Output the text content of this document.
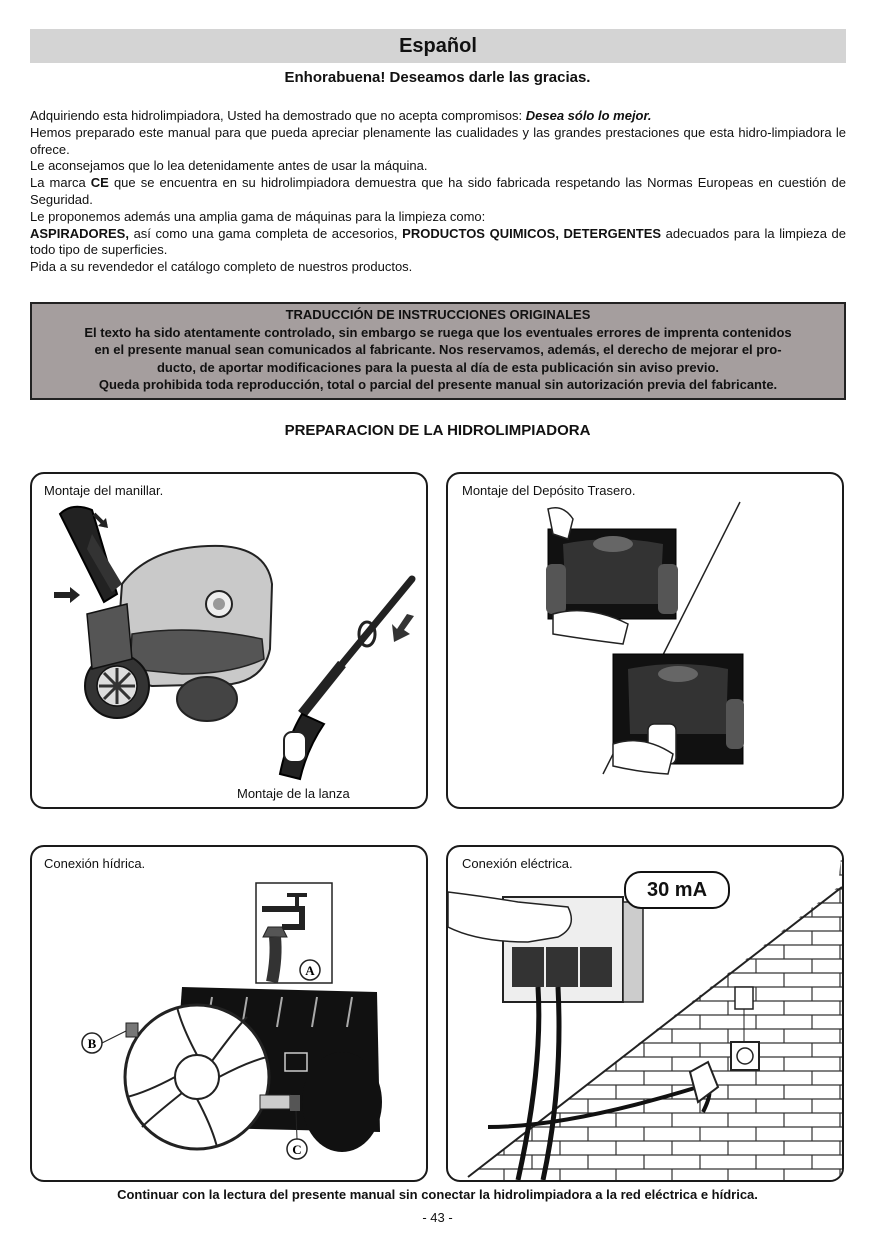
Español
Enhorabuena! Deseamos darle las gracias.

Adquiriendo esta hidrolimpiadora, Usted ha demostrado que no acepta compromisos: Desea sólo lo mejor.

Hemos preparado este manual para que pueda apreciar plenamente las cualidades y las grandes prestaciones que esta hidro-limpiadora le ofrece.

Le aconsejamos que lo lea detenidamente antes de usar la máquina.

La marca CE que se encuentra en su hidrolimpiadora demuestra que ha sido fabricada respetando las Normas Europeas en cuestión de Seguridad.

Le proponemos además una amplia gama de máquinas para la limpieza como:

ASPIRADORES, así como una gama completa de accesorios, PRODUCTOS QUIMICOS, DETERGENTES adecuados para la limpieza de todo tipo de superficies.

Pida a su revendedor el catálogo completo de nuestros productos.

TRADUCCIÓN DE INSTRUCCIONES ORIGINALES
El texto ha sido atentamente controlado, sin embargo se ruega que los eventuales errores de imprenta contenidos
en el presente manual sean comunicados al fabricante. Nos reservamos, además, el derecho de mejorar el pro-
ducto, de aportar modificaciones para la puesta al día de esta publicación sin aviso previo.
Queda prohibida toda reproducción, total o parcial del presente manual sin autorización previa del fabricante.
PREPARACION DE LA HIDROLIMPIADORA
Montaje del manillar.
Montaje de la lanza
Montaje del Depósito Trasero.
A
B
C
Conexión hídrica.	Conexión eléctrica.
30 mA
Continuar con la lectura del presente manual sin conectar la hidrolimpiadora a la red eléctrica e hídrica.
- 43 -
